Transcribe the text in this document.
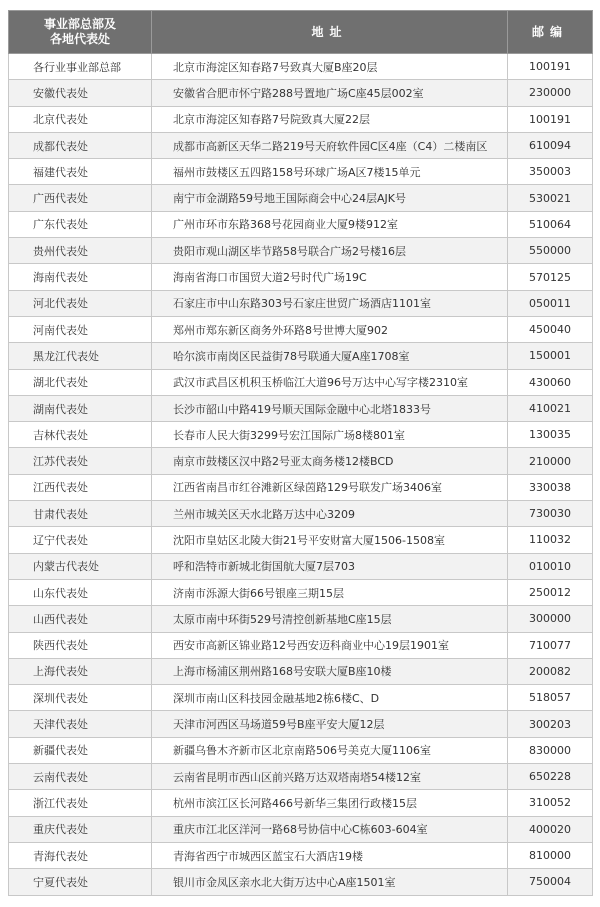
事业部总部及
各地代表处	地址	邮编
各行业事业部总部	北京市海淀区知春路7号致真大厦B座20层	100191
安徽代表处	安徽省合肥市怀宁路288号置地广场C座45层002室	230000
北京代表处	北京市海淀区知春路7号院致真大厦22层	100191
成都代表处	成都市高新区天华二路219号天府软件园C区4座（C4）二楼南区	610094
福建代表处	福州市鼓楼区五四路158号环球广场A区7楼15单元	350003
广西代表处	南宁市金湖路59号地王国际商会中心24层AJK号	530021
广东代表处	广州市环市东路368号花园商业大厦9楼912室	510064
贵州代表处	贵阳市观山湖区毕节路58号联合广场2号楼16层	550000
海南代表处	海南省海口市国贸大道2号时代广场19C	570125
河北代表处	石家庄市中山东路303号石家庄世贸广场酒店1101室	050011
河南代表处	郑州市郑东新区商务外环路8号世博大厦902	450040
黑龙江代表处	哈尔滨市南岗区民益街78号联通大厦A座1708室	150001
湖北代表处	武汉市武昌区机积玉桥临江大道96号万达中心写字楼2310室	430060
湖南代表处	长沙市韶山中路419号顺天国际金融中心北塔1833号	410021
吉林代表处	长春市人民大街3299号宏江国际广场8楼801室	130035
江苏代表处	南京市鼓楼区汉中路2号亚太商务楼12楼BCD	210000
江西代表处	江西省南昌市红谷滩新区绿茵路129号联发广场3406室	330038
甘肃代表处	兰州市城关区天水北路万达中心3209	730030
辽宁代表处	沈阳市皇姑区北陵大街21号平安财富大厦1506-1508室	110032
内蒙古代表处	呼和浩特市新城北街国航大厦7层703	010010
山东代表处	济南市泺源大街66号银座三期15层	250012
山西代表处	太原市南中环街529号清控创新基地C座15层	300000
陕西代表处	西安市高新区锦业路12号西安迈科商业中心19层1901室	710077
上海代表处	上海市杨浦区荆州路168号安联大厦B座10楼	200082
深圳代表处	深圳市南山区科技园金融基地2栋6楼C、D	518057
天津代表处	天津市河西区马场道59号B座平安大厦12层	300203
新疆代表处	新疆乌鲁木齐新市区北京南路506号美克大厦1106室	830000
云南代表处	云南省昆明市西山区前兴路万达双塔南塔54楼12室	650228
浙江代表处	杭州市滨江区长河路466号新华三集团行政楼15层	310052
重庆代表处	重庆市江北区洋河一路68号协信中心C栋603-604室	400020
青海代表处	青海省西宁市城西区蓝宝石大酒店19楼	810000
宁夏代表处	银川市金凤区亲水北大街万达中心A座1501室	750004
